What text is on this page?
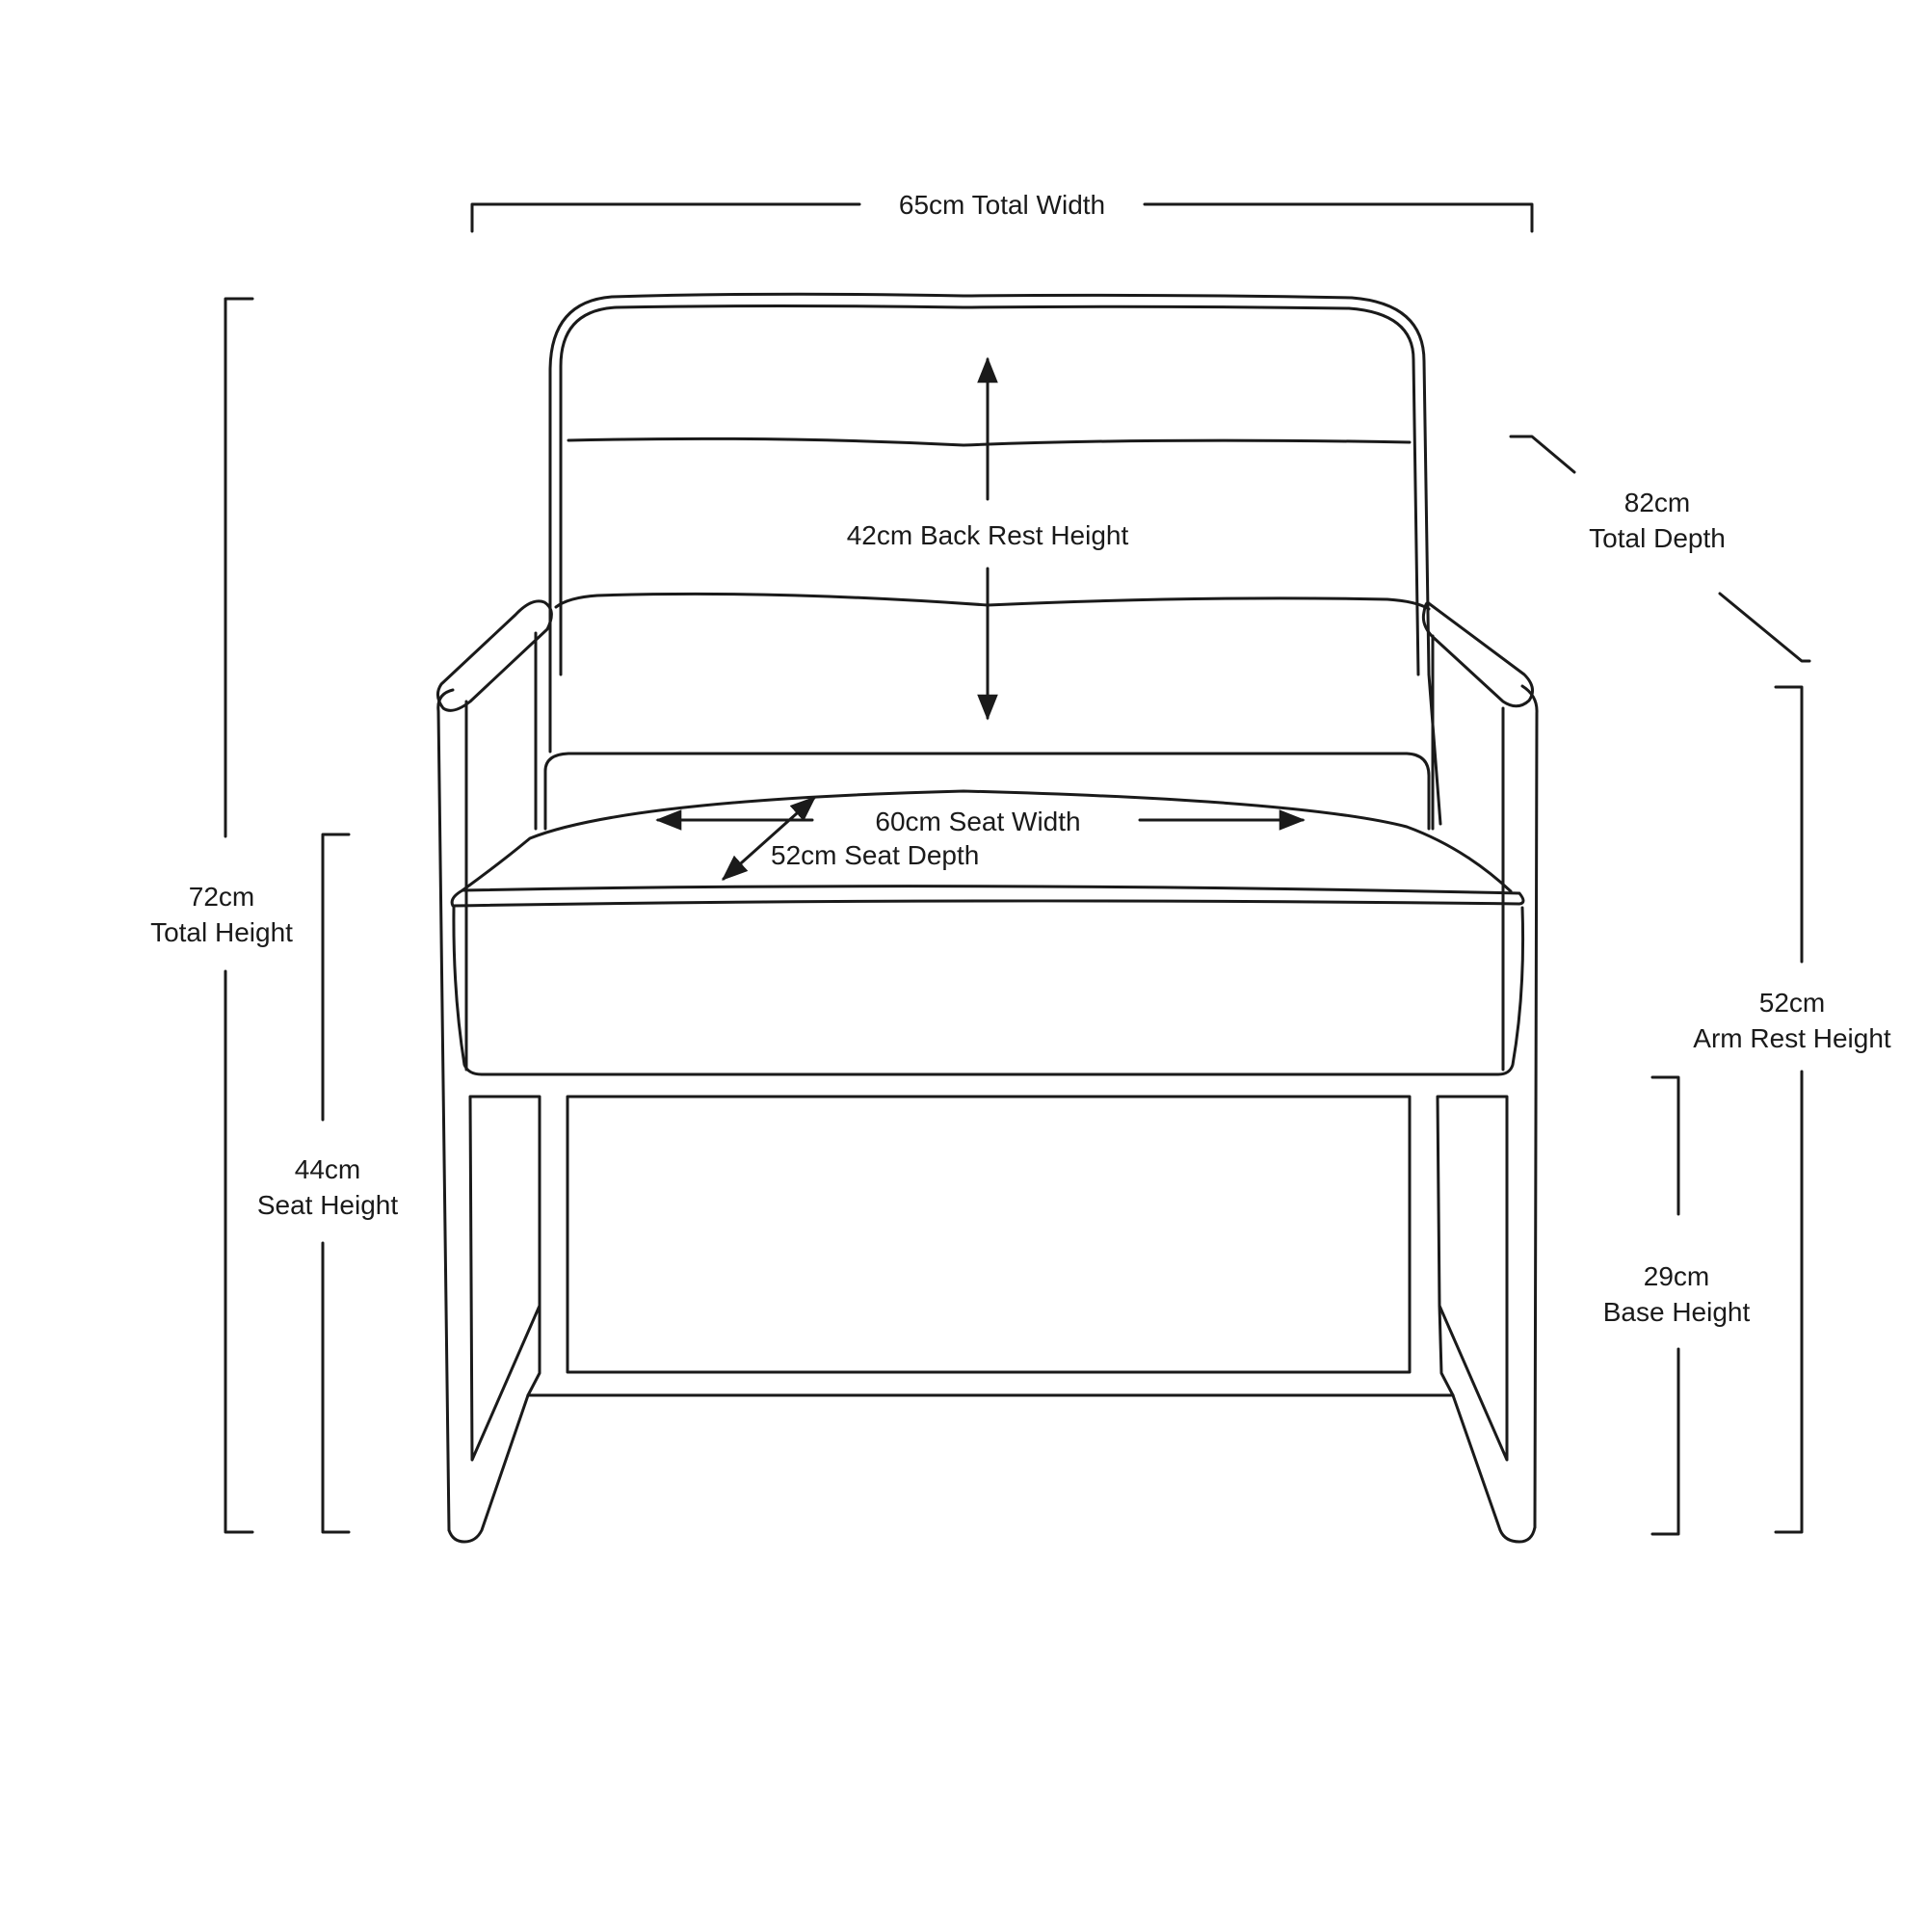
65cm Total Width
42cm Back Rest Height
82cm
Total Depth
72cm
Total Height
44cm
Seat Height
60cm Seat Width
52cm Seat Depth
52cm
Arm Rest Height
29cm
Base Height
